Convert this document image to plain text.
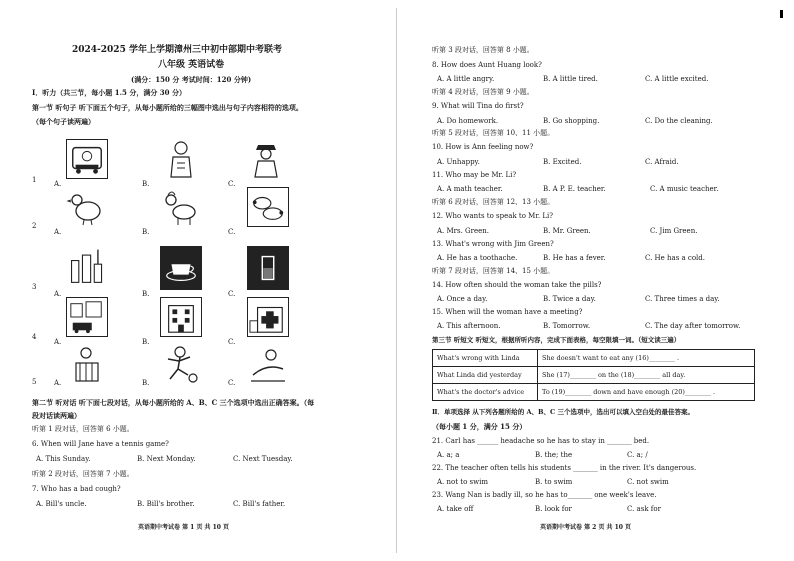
2024-2025 学年上学期漳州三中初中部期中考联考
八年级 英语试卷
(满分：150 分 考试时间：120 分钟)
Ⅰ．听力（共三节，每小题 1.5 分，满分 30 分）
第一节 听句子 听下面五个句子，从每小题所给的三幅图中选出与句子内容相符的选项。
（每个句子读两遍）
1	A.	B.	C.
2
A.	B.	C.
3
A.	B.	C.
4
A.	B.	C.
5	A.	B.	C.
第二节 听对话 听下面七段对话，从每小题所给的 A、B、C 三个选项中选出正确答案。（每
段对话读两遍）
听第 1 段对话，回答第 6 小题。
6. When will Jane have a tennis game?
A. This Sunday.	B. Next Monday.	C. Next Tuesday.
听第 2 段对话，回答第 7 小题。
7. Who has a bad cough?
A. Bill's uncle.	B. Bill's brother.	C. Bill's father.
英语期中考试卷 第 1 页 共 10 页
听第 3 段对话，回答第 8 小题。
8. How does Aunt Huang look?
A. A little angry.	B. A little tired.	C. A little excited.
听第 4 段对话，回答第 9 小题。
9. What will Tina do first?
A. Do homework.	B. Go shopping.	C. Do the cleaning.
听第 5 段对话，回答第 10、11 小题。
10. How is Ann feeling now?
A. Unhappy.	B. Excited.	C. Afraid.
11. Who may be Mr. Li?
A. A math teacher.	B. A P. E. teacher.	C. A music teacher.
听第 6 段对话，回答第 12、13 小题。
12. Who wants to speak to Mr. Li?
A. Mrs. Green.	B. Mr. Green.	C. Jim Green.
13. What's wrong with Jim Green?
A. He has a toothache.	B. He has a fever.	C. He has a cold.
听第 7 段对话，回答第 14、15 小题。
14. How often should the woman take the pills?
A. Once a day.	B. Twice a day.	C. Three times a day.
15. When will the woman have a meeting?
A. This afternoon.	B. Tomorrow.	C. The day after tomorrow.
第三节 听短文 听短文，根据所听内容，完成下面表格，每空限填一词。（短文读三遍）
What's wrong with Linda	She doesn't want to eat any (16)________ .
What Linda did yesterday	She (17)________ on the (18)________ all day.
What's the doctor's advice	To (19)________ down and have enough (20)________ .
Ⅱ．单项选择 从下列各题所给的 A、B、C 三个选项中，选出可以填入空白处的最佳答案。
（每小题 1 分，满分 15 分）
21. Carl has ______ headache so he has to stay in _______ bed.
A. a; a	B. the; the	C. a; /
22. The teacher often tells his students _______ in the river. It's dangerous.
A. not to swim	B. to swim	C. not swim
23. Wang Nan is badly ill, so he has to_______ one week's leave.
A. take off	B. look for	C. ask for
英语期中考试卷 第 2 页 共 10 页
